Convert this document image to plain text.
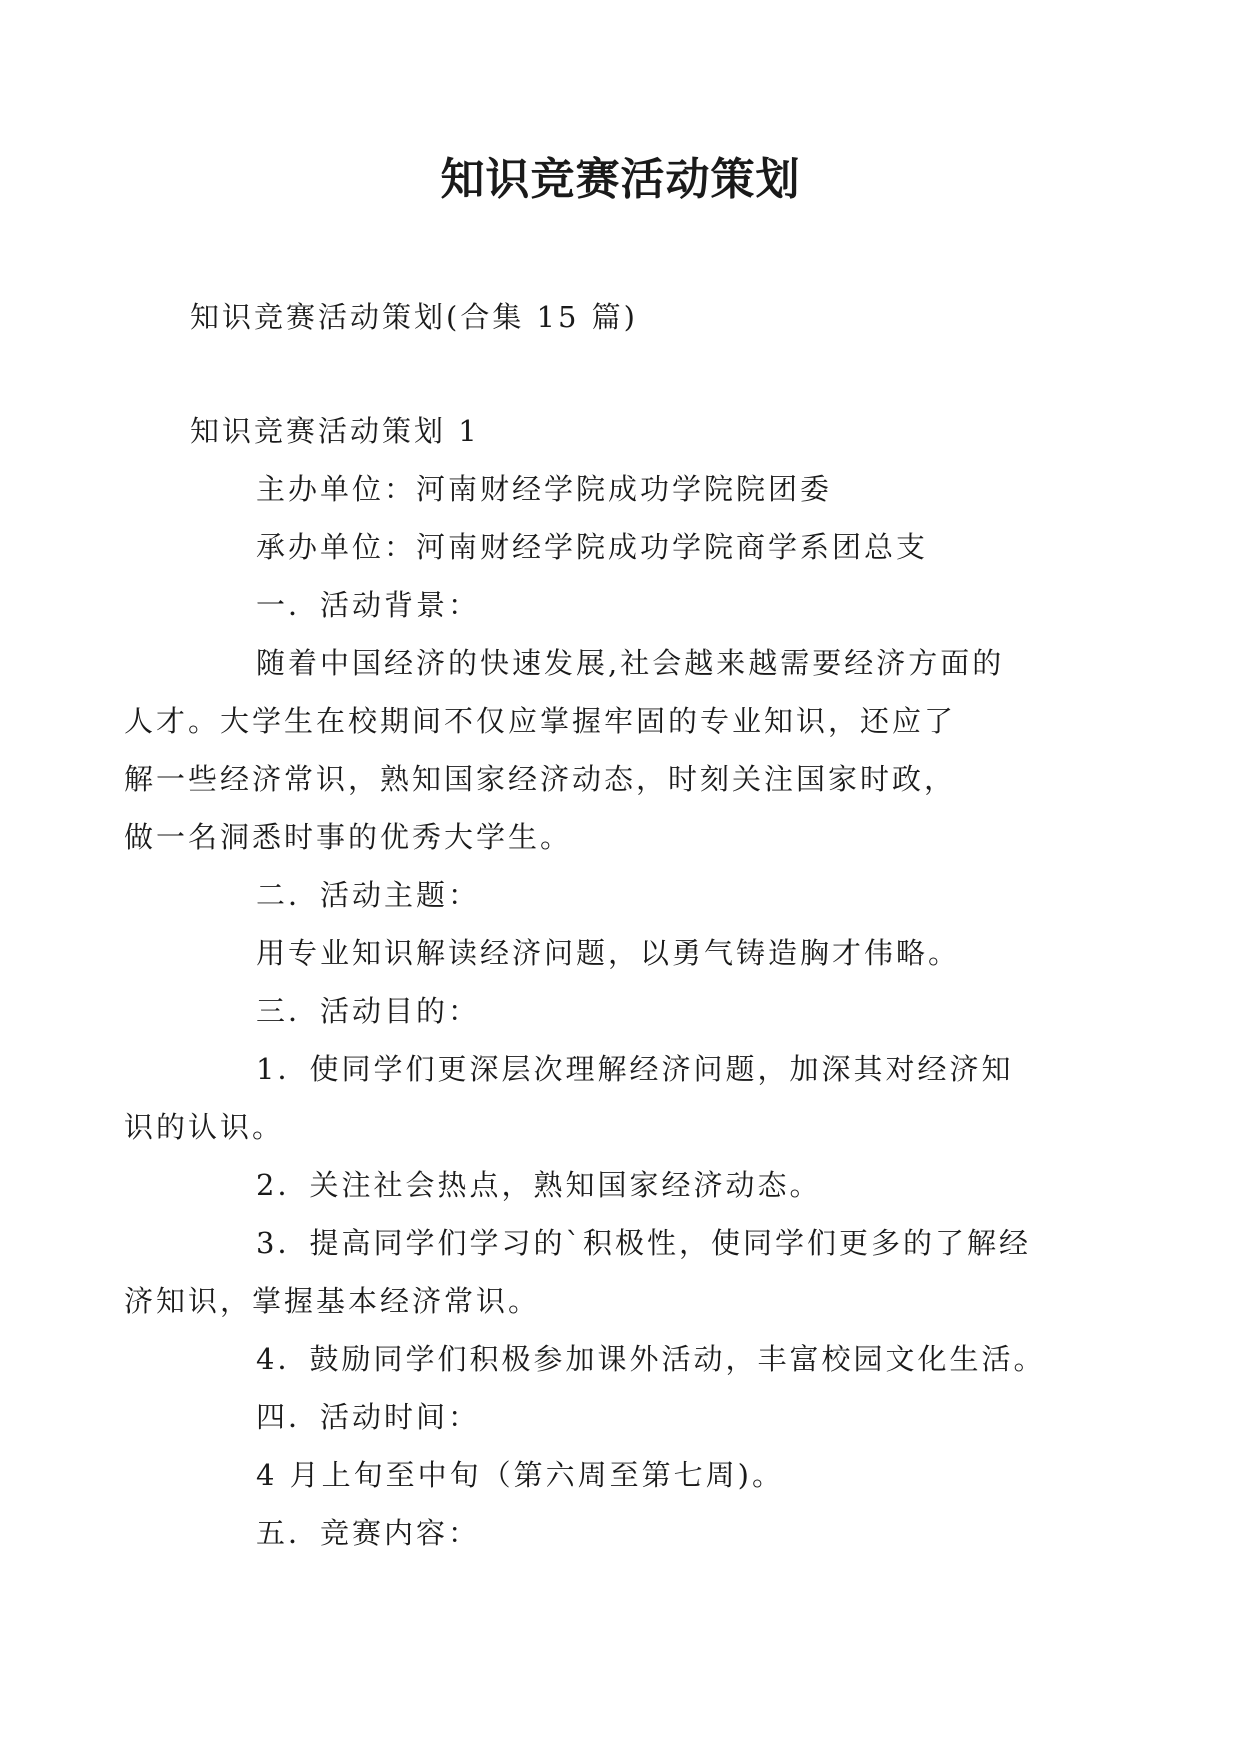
知识竞赛活动策划
知识竞赛活动策划(合集 15 篇)
知识竞赛活动策划 1

主办单位：河南财经学院成功学院院团委

承办单位：河南财经学院成功学院商学系团总支

一．活动背景：

随着中国经济的快速发展,社会越来越需要经济方面的
人才。大学生在校期间不仅应掌握牢固的专业知识，还应了
解一些经济常识，熟知国家经济动态，时刻关注国家时政，
做一名洞悉时事的优秀大学生。

二．活动主题：

用专业知识解读经济问题，以勇气铸造胸才伟略。

三．活动目的：

1．使同学们更深层次理解经济问题，加深其对经济知
识的认识。

2．关注社会热点，熟知国家经济动态。

3．提高同学们学习的`积极性，使同学们更多的了解经
济知识，掌握基本经济常识。

4．鼓励同学们积极参加课外活动，丰富校园文化生活。

四．活动时间：

4 月上旬至中旬（第六周至第七周)。

五．竞赛内容：
